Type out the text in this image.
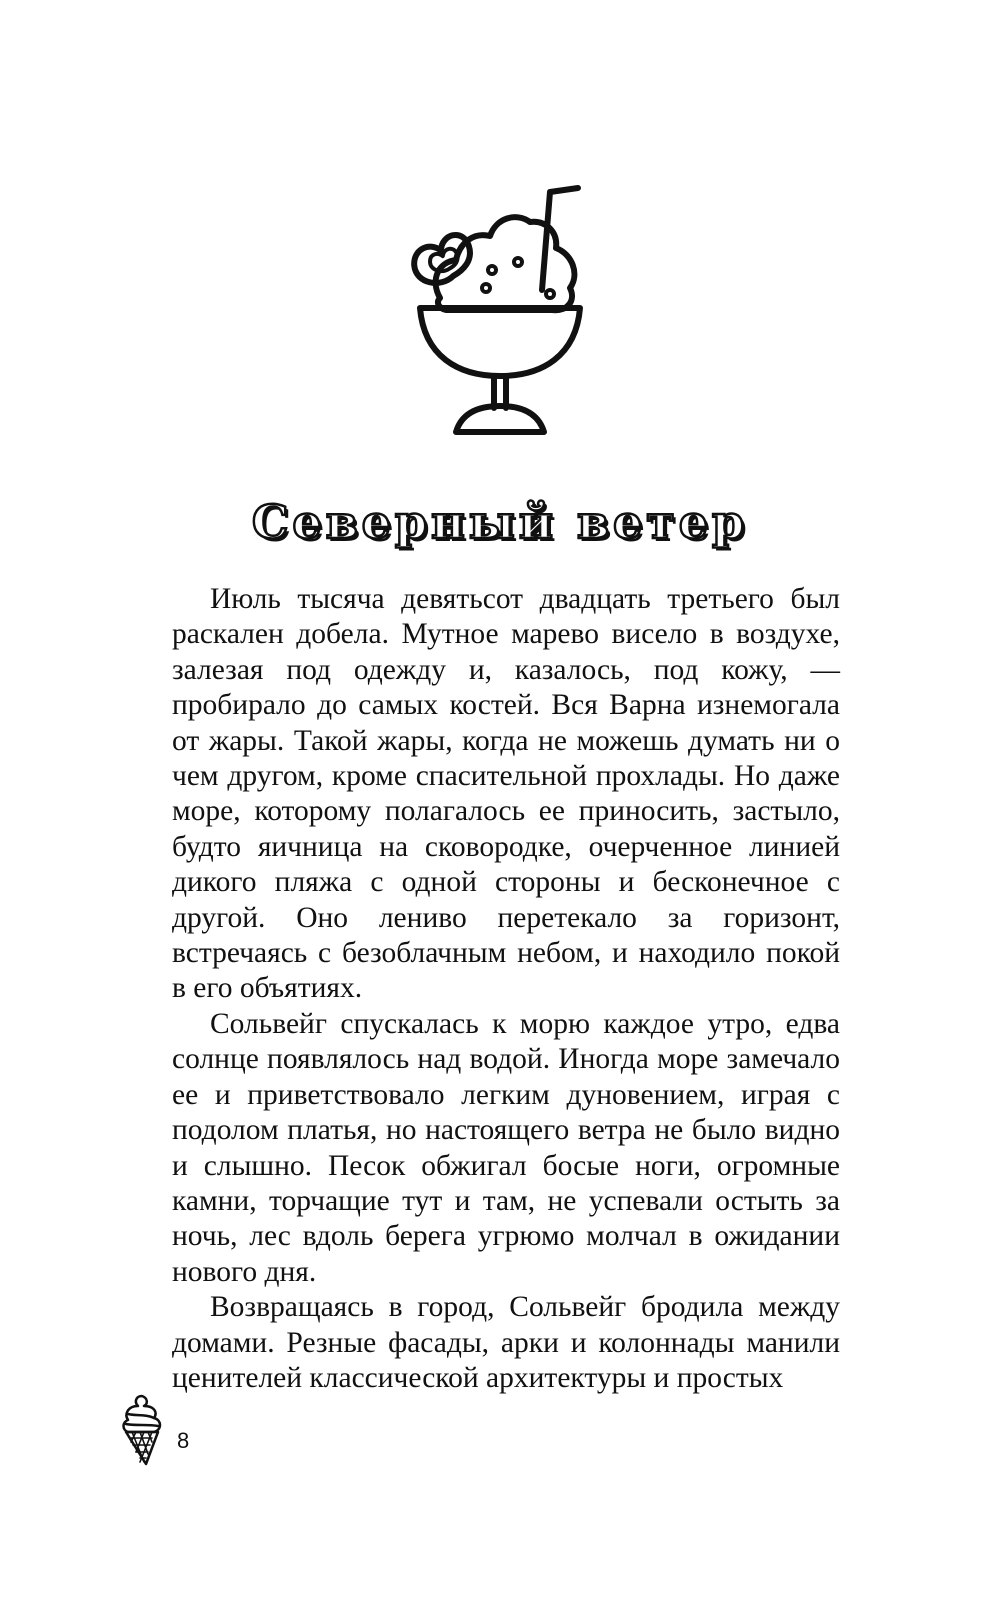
Северный ветер

Июль тысяча девятьсот двадцать третьего был раскален добела. Мутное марево висело в воздухе, залезая под одежду и, казалось, под кожу, — пробирало до самых костей. Вся Варна изнемогала от жары. Такой жары, когда не можешь думать ни о чем другом, кроме спасительной прохлады. Но даже море, которому полагалось ее приносить, застыло, будто яичница на сковородке, очерченное линией дикого пляжа с одной стороны и бесконечное с другой. Оно лениво перетекало за горизонт, встречаясь с безоблачным небом, и находило покой в его объятиях.

Сольвейг спускалась к морю каждое утро, едва солнце появлялось над водой. Иногда море замечало ее и приветствовало легким дуновением, играя с подолом платья, но настоящего ветра не было видно и слышно. Песок обжигал босые ноги, огромные камни, торчащие тут и там, не успевали остыть за ночь, лес вдоль берега угрюмо молчал в ожидании нового дня.

Возвращаясь в город, Сольвейг бродила между домами. Резные фасады, арки и колоннады манили ценителей классической архитектуры и простых

8
